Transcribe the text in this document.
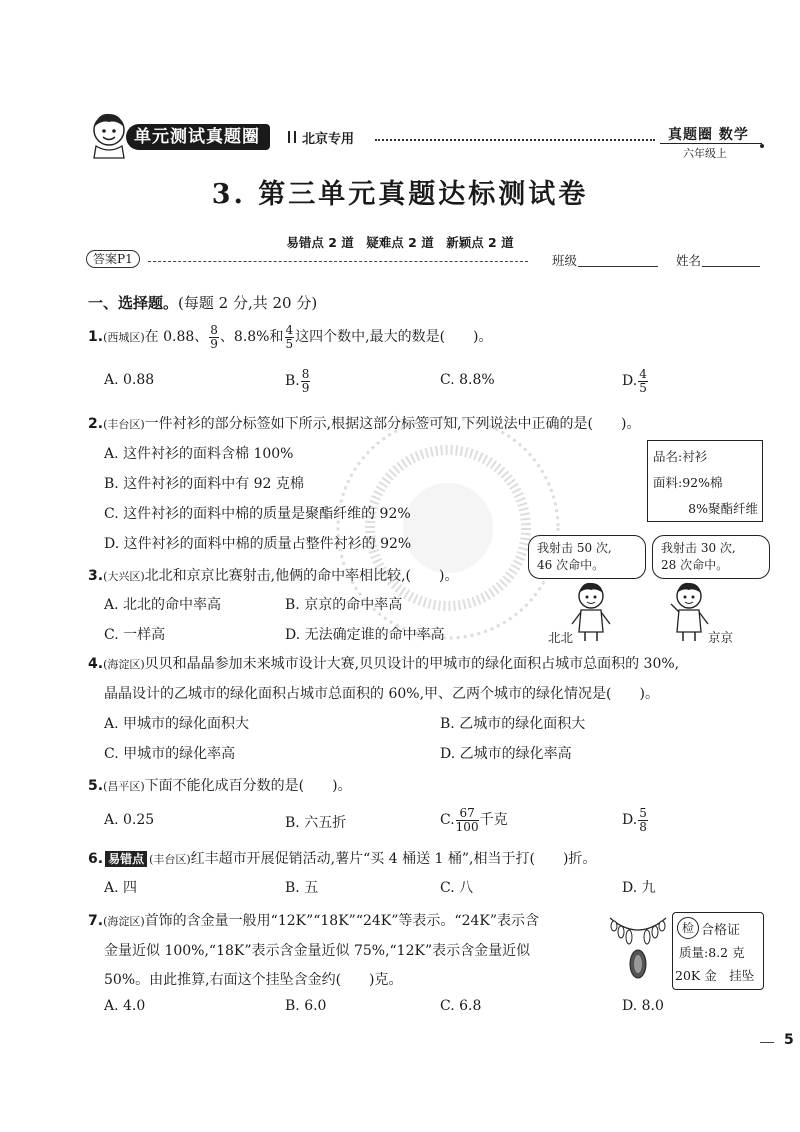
单元测试真题圈	北京专用	真题圈 数学
六年级上
3. 第三单元真题达标测试卷
易错点 2 道　疑难点 2 道　新颖点 2 道
答案P1	班级	姓名
一、选择题。(每题 2 分,共 20 分)
1.(西城区)在 0.88、 $\frac{8}{9}$ 、8.8%和 $\frac{4}{5}$ 这四个数中,最大的数是(　　)。
A. 0.88	B. $\frac{8}{9}$	C. 8.8%	D. $\frac{4}{5}$
2.(丰台区)一件衬衫的部分标签如下所示,根据这部分标签可知,下列说法中正确的是(　　)。
A. 这件衬衫的面料含棉 100%
B. 这件衬衫的面料中有 92 克棉
C. 这件衬衫的面料中棉的质量是聚酯纤维的 92%
D. 这件衬衫的面料中棉的质量占整件衬衫的 92%
品名:衬衫
面料:92%棉
8%聚酯纤维
3.(大兴区)北北和京京比赛射击,他俩的命中率相比较,(　　)。
A. 北北的命中率高	B. 京京的命中率高
C. 一样高	D. 无法确定谁的命中率高
我射击 50 次,
46 次命中。
我射击 30 次,
28 次命中。
北北	京京
4.(海淀区)贝贝和晶晶参加未来城市设计大赛,贝贝设计的甲城市的绿化面积占城市总面积的 30%,
晶晶设计的乙城市的绿化面积占城市总面积的 60%,甲、乙两个城市的绿化情况是(　　)。
A. 甲城市的绿化面积大	B. 乙城市的绿化面积大
C. 甲城市的绿化率高	D. 乙城市的绿化率高
5.(昌平区)下面不能化成百分数的是(　　)。
A. 0.25	B. 六五折	C. $\frac{67}{100}$ 千克	D. $\frac{5}{8}$
6. 易错点 (丰台区)红丰超市开展促销活动,薯片“买 4 桶送 1 桶”,相当于打(　　)折。
A. 四	B. 五	C. 八	D. 九
7.(海淀区)首饰的含金量一般用“12K”“18K”“24K”等表示。“24K”表示含
金量近似 100%,“18K”表示含金量近似 75%,“12K”表示含金量近似
50%。由此推算,右面这个挂坠含金约(　　)克。
A. 4.0	B. 6.0	C. 6.8	D. 8.0
检 合格证
质量:8.2 克
20K 金　挂坠
5
